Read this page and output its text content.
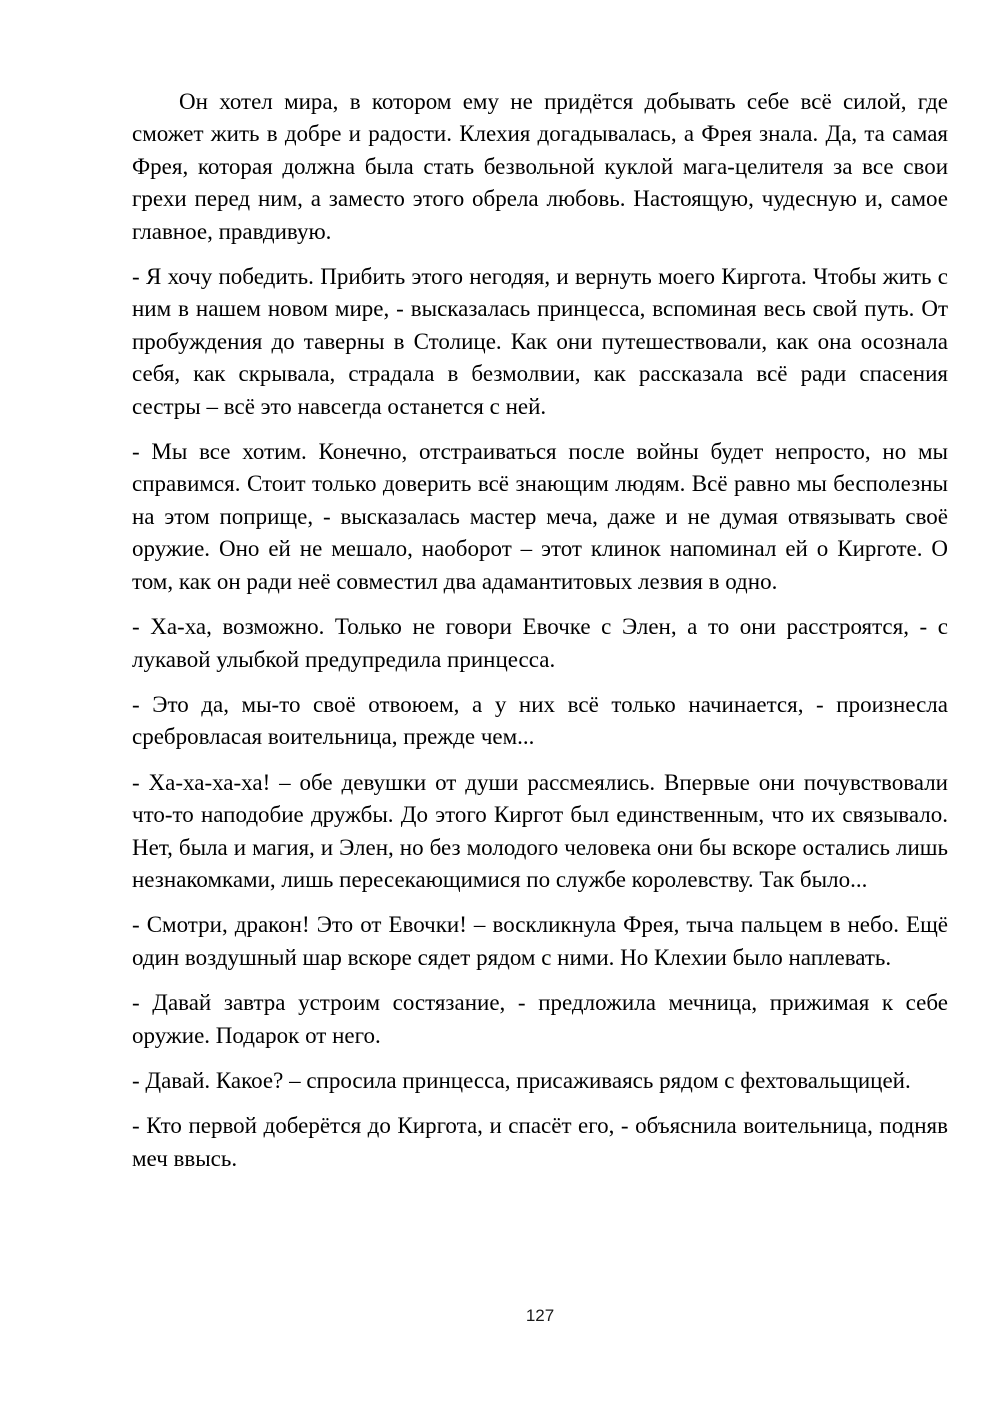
Он хотел мира, в котором ему не придётся добывать себе всё силой, где сможет жить в добре и радости. Клехия догадывалась, а Фрея знала. Да, та самая Фрея, которая должна была стать безвольной куклой мага-целителя за все свои грехи перед ним, а заместо этого обрела любовь. Настоящую, чудесную и, самое главное, правдивую.

- Я хочу победить. Прибить этого негодяя, и вернуть моего Киргота. Чтобы жить с ним в нашем новом мире, - высказалась принцесса, вспоминая весь свой путь. От пробуждения до таверны в Столице. Как они путешествовали, как она осознала себя, как скрывала, страдала в безмолвии, как рассказала всё ради спасения сестры – всё это навсегда останется с ней.

- Мы все хотим. Конечно, отстраиваться после войны будет непросто, но мы справимся. Стоит только доверить всё знающим людям. Всё равно мы бесполезны на этом поприще, - высказалась мастер меча, даже и не думая отвязывать своё оружие. Оно ей не мешало, наоборот – этот клинок напоминал ей о Кирготе. О том, как он ради неё совместил два адамантитовых лезвия в одно.

- Ха-ха, возможно. Только не говори Евочке с Элен, а то они расстроятся, - с лукавой улыбкой предупредила принцесса.

- Это да, мы-то своё отвоюем, а у них всё только начинается, - произнесла сребровласая воительница, прежде чем...

- Ха-ха-ха-ха! – обе девушки от души рассмеялись. Впервые они почувствовали что-то наподобие дружбы. До этого Киргот был единственным, что их связывало. Нет, была и магия, и Элен, но без молодого человека они бы вскоре остались лишь незнакомками, лишь пересекающимися по службе королевству. Так было...

- Смотри, дракон! Это от Евочки! – воскликнула Фрея, тыча пальцем в небо. Ещё один воздушный шар вскоре сядет рядом с ними. Но Клехии было наплевать.

- Давай завтра устроим состязание, - предложила мечница, прижимая к себе оружие. Подарок от него.

- Давай. Какое? – спросила принцесса, присаживаясь рядом с фехтовальщицей.

- Кто первой доберётся до Киргота, и спасёт его, - объяснила воительница, подняв меч ввысь.

127
